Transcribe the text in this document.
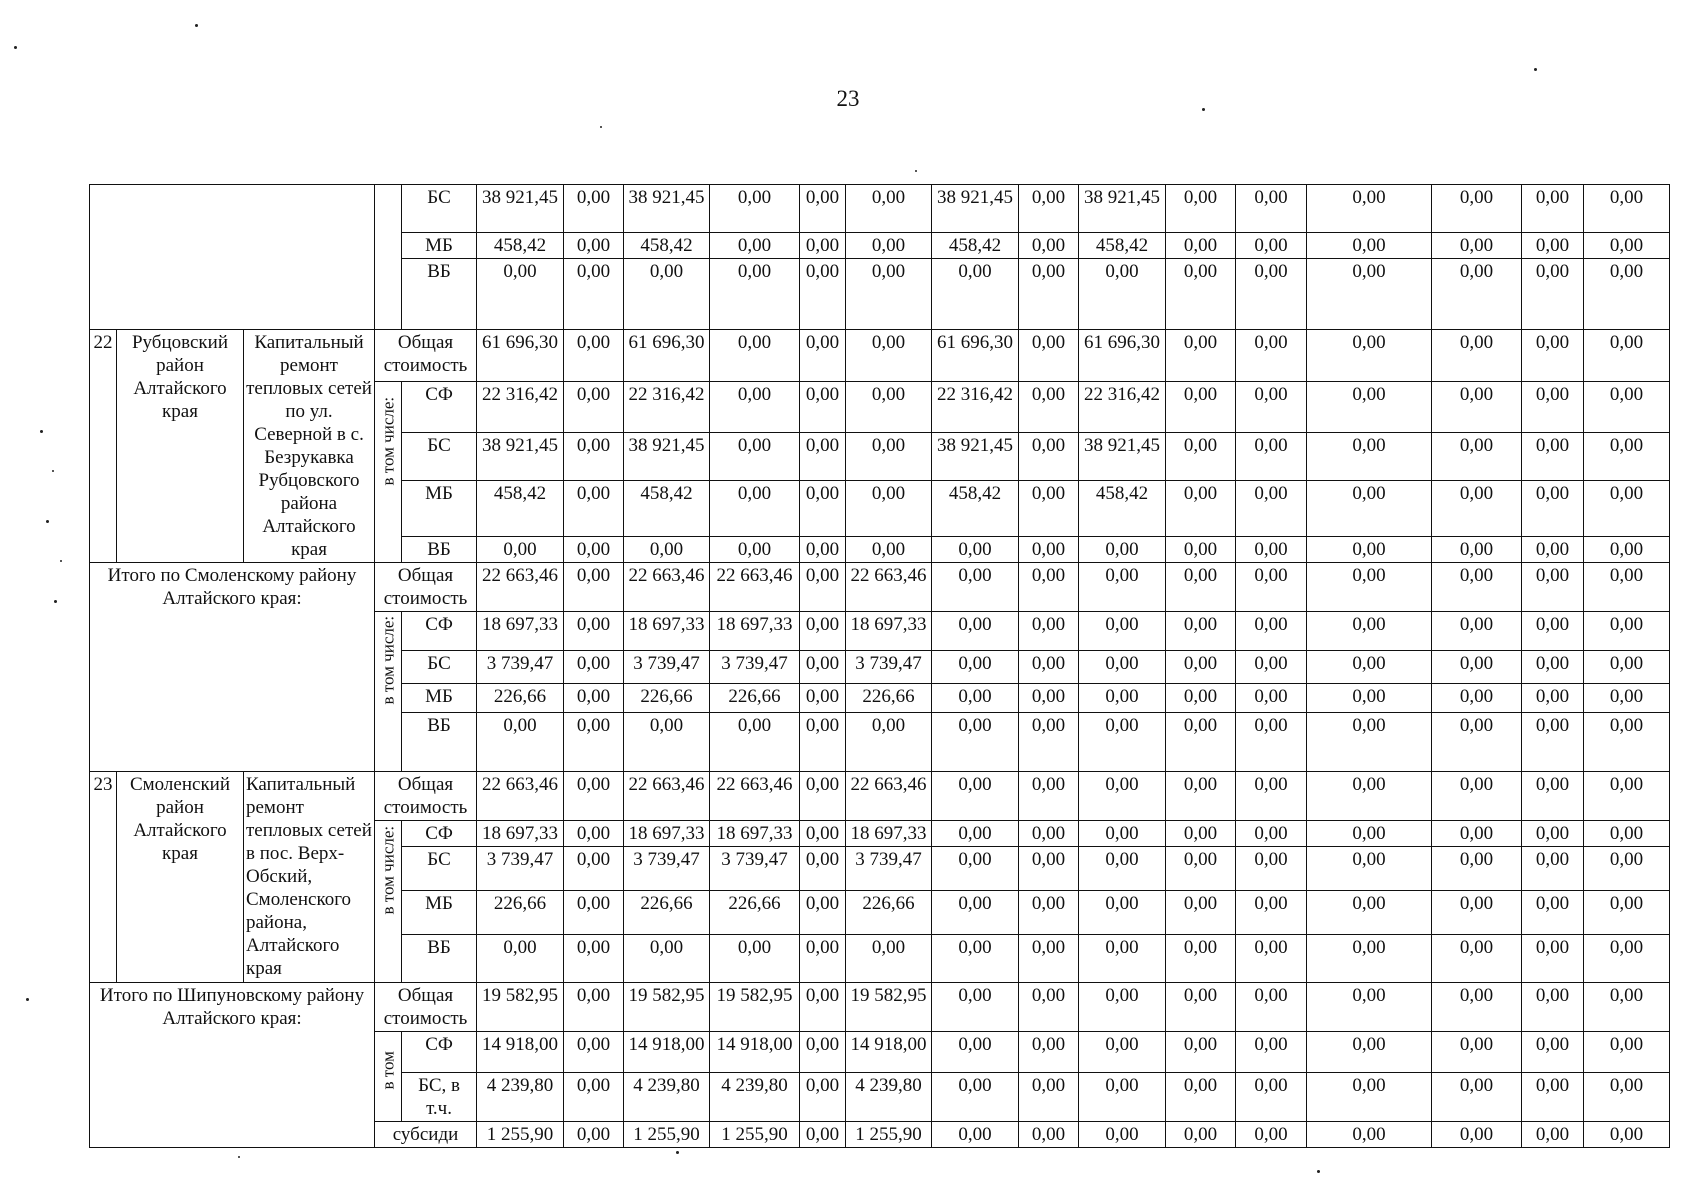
23
				БС	38 921,45	0,00	38 921,45	0,00	0,00	0,00	38 921,45	0,00	38 921,45	0,00	0,00	0,00	0,00	0,00	0,00
				МБ	458,42	0,00	458,42	0,00	0,00	0,00	458,42	0,00	458,42	0,00	0,00	0,00	0,00	0,00	0,00
				ВБ	0,00	0,00	0,00	0,00	0,00	0,00	0,00	0,00	0,00	0,00	0,00	0,00	0,00	0,00	0,00
22	Рубцовский район Алтайского края	Капитальный ремонт тепловых сетей по ул. Северной в с. Безрукавка Рубцовского района Алтайского края	Общая стоимость		61 696,30	0,00	61 696,30	0,00	0,00	0,00	61 696,30	0,00	61 696,30	0,00	0,00	0,00	0,00	0,00	0,00

			в том числе:	СФ	22 316,42	0,00	22 316,42	0,00	0,00	0,00	22 316,42	0,00	22 316,42	0,00	0,00	0,00	0,00	0,00	0,00
				БС	38 921,45	0,00	38 921,45	0,00	0,00	0,00	38 921,45	0,00	38 921,45	0,00	0,00	0,00	0,00	0,00	0,00
				МБ	458,42	0,00	458,42	0,00	0,00	0,00	458,42	0,00	458,42	0,00	0,00	0,00	0,00	0,00	0,00
				ВБ	0,00	0,00	0,00	0,00	0,00	0,00	0,00	0,00	0,00	0,00	0,00	0,00	0,00	0,00	0,00
Итого по Смоленскому району Алтайского края:			Общая стоимость		22 663,46	0,00	22 663,46	22 663,46	0,00	22 663,46	0,00	0,00	0,00	0,00	0,00	0,00	0,00	0,00	0,00

			в том числе:	СФ	18 697,33	0,00	18 697,33	18 697,33	0,00	18 697,33	0,00	0,00	0,00	0,00	0,00	0,00	0,00	0,00	0,00
				БС	3 739,47	0,00	3 739,47	3 739,47	0,00	3 739,47	0,00	0,00	0,00	0,00	0,00	0,00	0,00	0,00	0,00
				МБ	226,66	0,00	226,66	226,66	0,00	226,66	0,00	0,00	0,00	0,00	0,00	0,00	0,00	0,00	0,00
				ВБ	0,00	0,00	0,00	0,00	0,00	0,00	0,00	0,00	0,00	0,00	0,00	0,00	0,00	0,00	0,00
23	Смоленский район Алтайского края	Капитальный ремонт тепловых сетей в пос. Верх-Обский, Смоленского района, Алтайского края	Общая стоимость		22 663,46	0,00	22 663,46	22 663,46	0,00	22 663,46	0,00	0,00	0,00	0,00	0,00	0,00	0,00	0,00	0,00

			в том числе:	СФ	18 697,33	0,00	18 697,33	18 697,33	0,00	18 697,33	0,00	0,00	0,00	0,00	0,00	0,00	0,00	0,00	0,00
				БС	3 739,47	0,00	3 739,47	3 739,47	0,00	3 739,47	0,00	0,00	0,00	0,00	0,00	0,00	0,00	0,00	0,00
				МБ	226,66	0,00	226,66	226,66	0,00	226,66	0,00	0,00	0,00	0,00	0,00	0,00	0,00	0,00	0,00
				ВБ	0,00	0,00	0,00	0,00	0,00	0,00	0,00	0,00	0,00	0,00	0,00	0,00	0,00	0,00	0,00
Итого по Шипуновскому району Алтайского края:			Общая стоимость		19 582,95	0,00	19 582,95	19 582,95	0,00	19 582,95	0,00	0,00	0,00	0,00	0,00	0,00	0,00	0,00	0,00

			в том	СФ	14 918,00	0,00	14 918,00	14 918,00	0,00	14 918,00	0,00	0,00	0,00	0,00	0,00	0,00	0,00	0,00	0,00
				БС, в т.ч.	4 239,80	0,00	4 239,80	4 239,80	0,00	4 239,80	0,00	0,00	0,00	0,00	0,00	0,00	0,00	0,00	0,00
			субсиди		1 255,90	0,00	1 255,90	1 255,90	0,00	1 255,90	0,00	0,00	0,00	0,00	0,00	0,00	0,00	0,00	0,00
